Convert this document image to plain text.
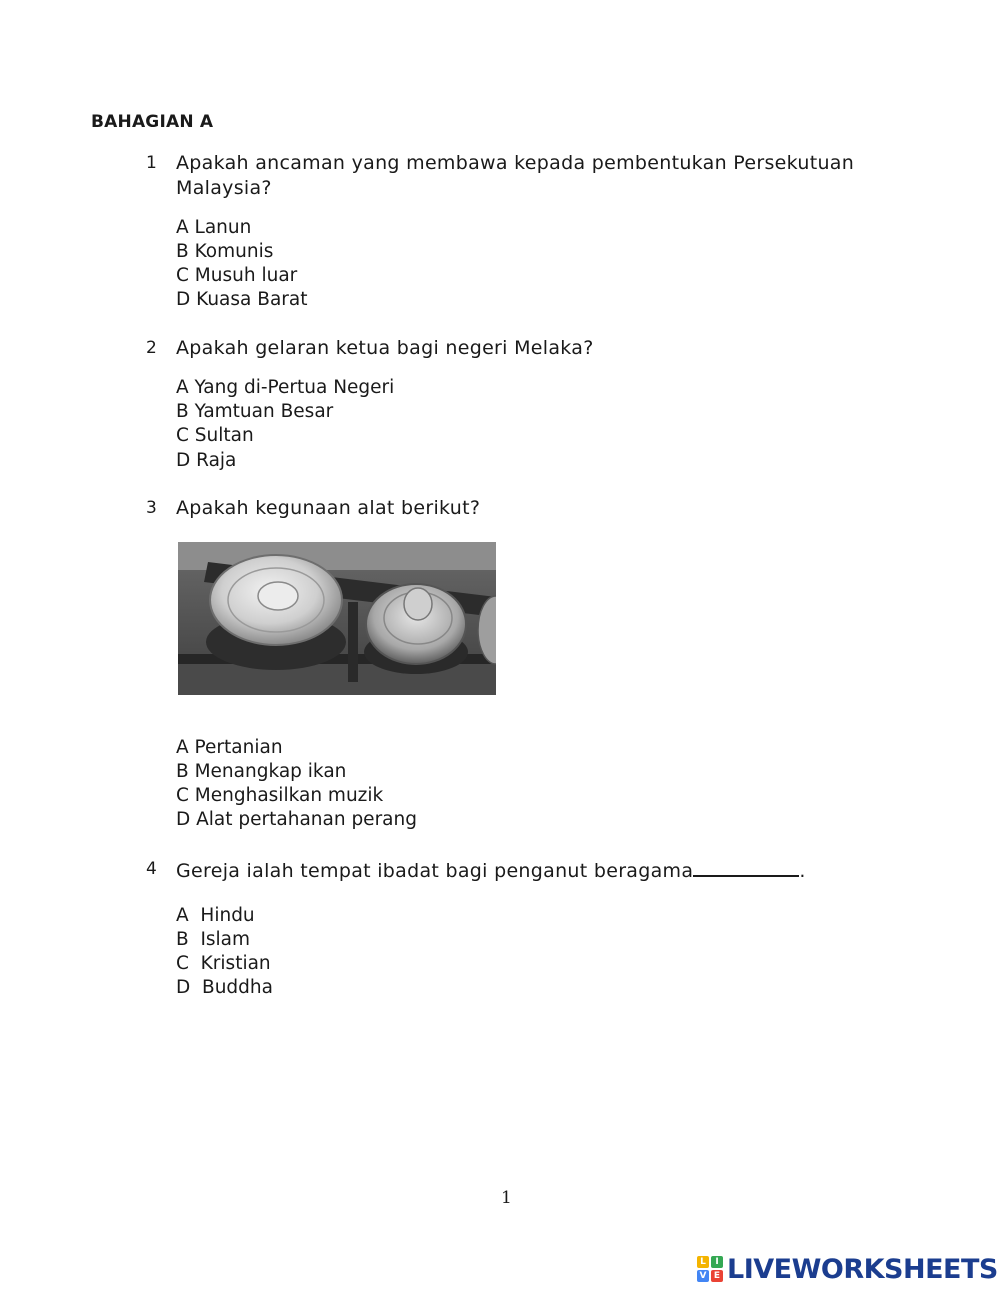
BAHAGIAN A
1 Apakah ancaman yang membawa kepada pembentukan Persekutuan
Malaysia?
A Lanun
B Komunis
C Musuh luar
D Kuasa Barat
2 Apakah gelaran ketua bagi negeri Melaka?
A Yang di-Pertua Negeri
B Yamtuan Besar
C Sultan
D Raja
3 Apakah kegunaan alat berikut?
A Pertanian
B Menangkap ikan
C Menghasilkan muzik
D Alat pertahanan perang
4 Gereja ialah tempat ibadat bagi penganut beragama	.
A  Hindu
B  Islam
C  Kristian
D  Buddha
1
L	I
V E LIVEWORKSHEETS
